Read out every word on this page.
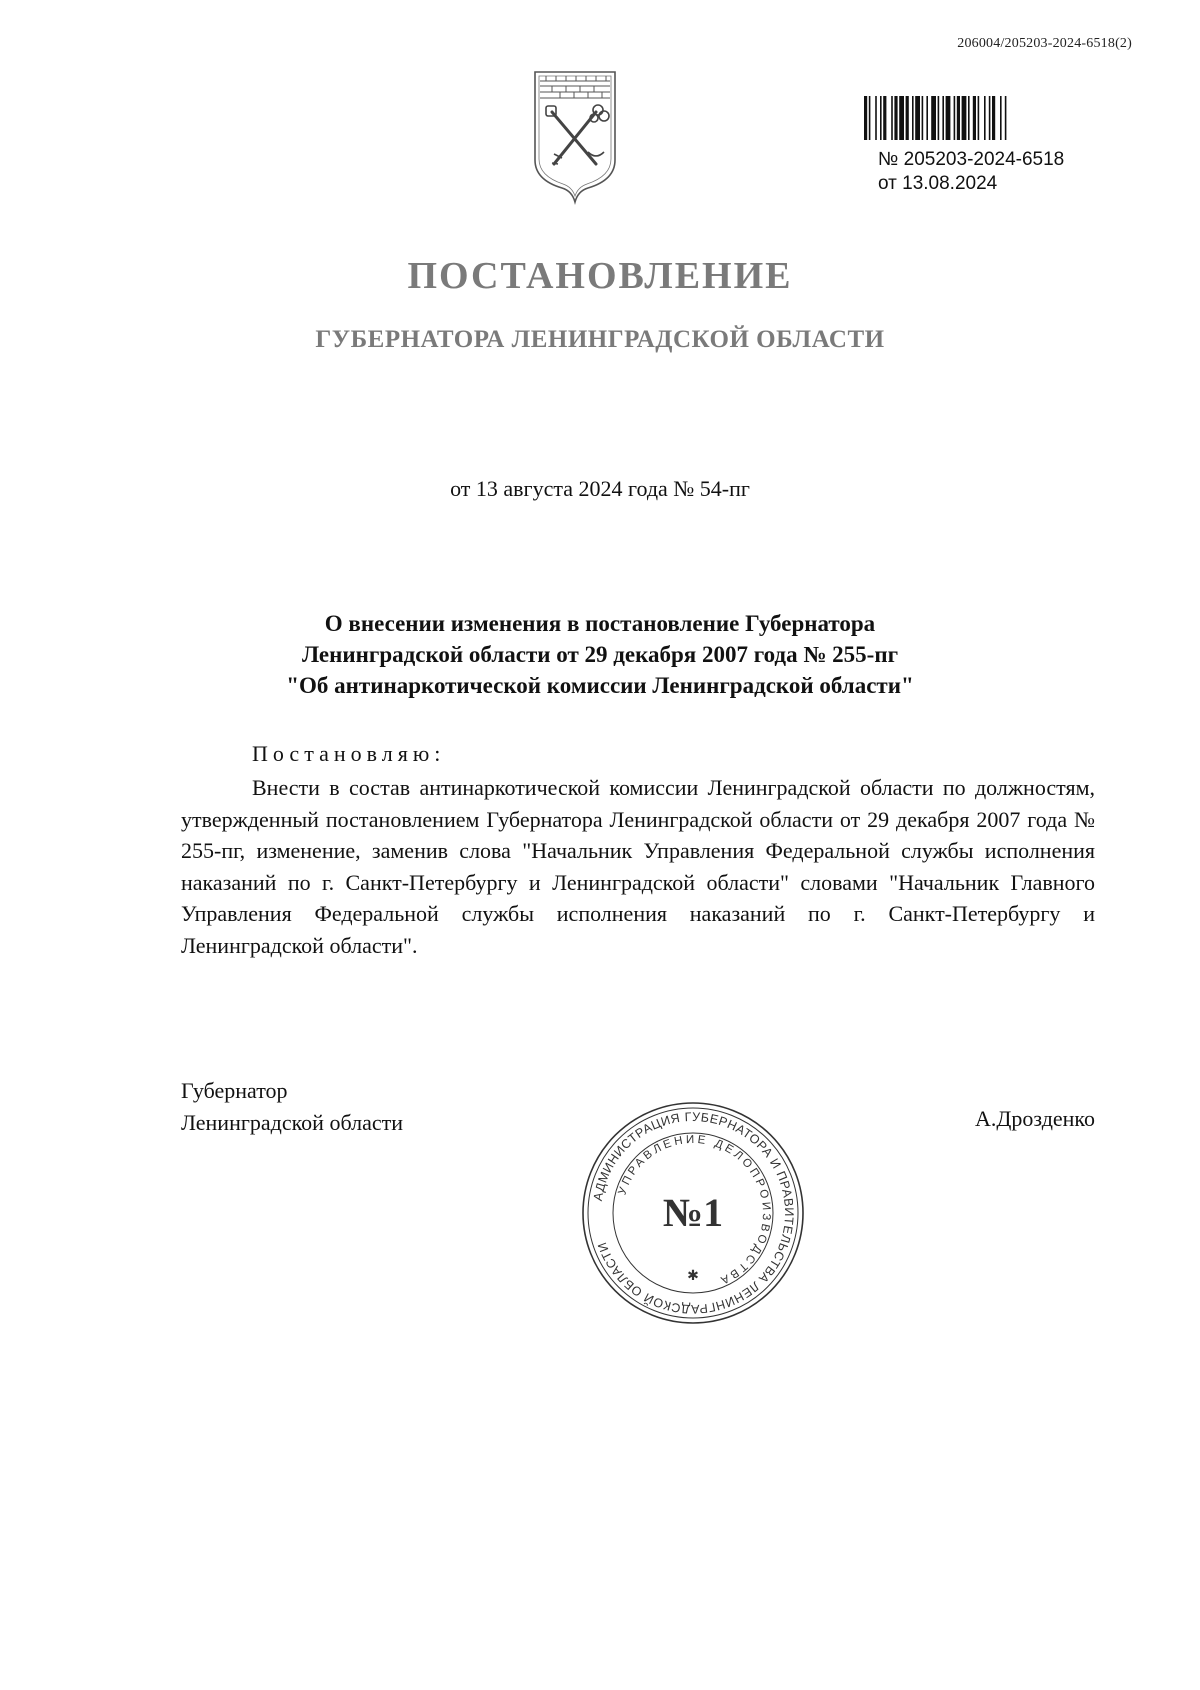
206004/205203-2024-6518(2)
№ 205203-2024-6518
от 13.08.2024
ПОСТАНОВЛЕНИЕ
ГУБЕРНАТОРА ЛЕНИНГРАДСКОЙ ОБЛАСТИ
от 13 августа 2024 года № 54-пг
О внесении изменения в постановление Губернатора
Ленинградской области от 29 декабря 2007 года № 255-пг
"Об антинаркотической комиссии Ленинградской области"
Постановляю:
Внести в состав антинаркотической комиссии Ленинградской области по должностям, утвержденный постановлением Губернатора Ленинградской области от 29 декабря 2007 года № 255-пг, изменение, заменив слова "Начальник Управления Федеральной службы исполнения наказаний по г. Санкт-Петербургу и Ленинградской области" словами "Начальник Главного Управления Федеральной службы исполнения наказаний по г. Санкт-Петербургу и Ленинградской области".
Губернатор
Ленинградской области	А.Дрозденко
АДМИНИСТРАЦИЯ ГУБЕРНАТОРА И ПРАВИТЕЛЬСТВА ЛЕНИНГРАДСКОЙ ОБЛАСТИ
УПРАВЛЕНИЕ ДЕЛОПРОИЗВОДСТВА
№1
✱
